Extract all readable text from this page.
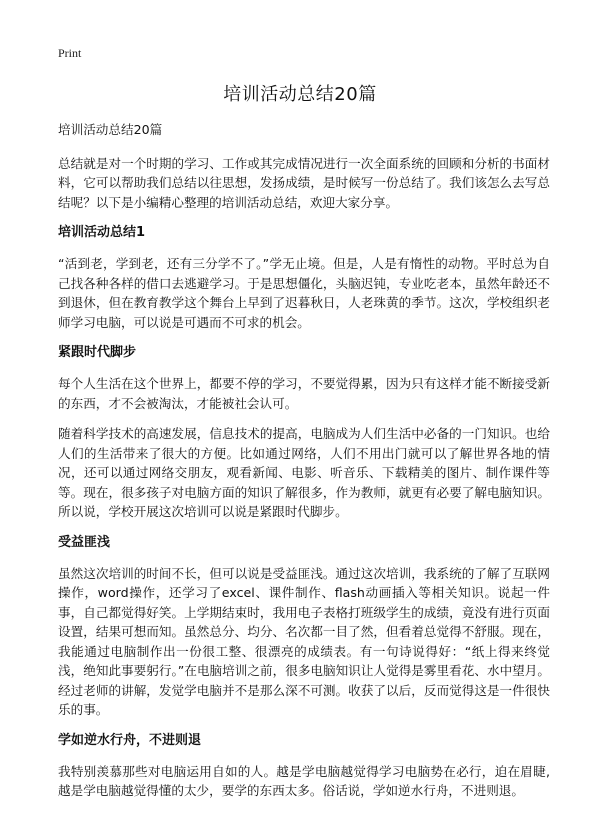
Print
培训活动总结20篇

培训活动总结20篇

总结就是对一个时期的学习、工作或其完成情况进行一次全面系统的回顾和分析的书面材料，它可以帮助我们总结以往思想，发扬成绩，是时候写一份总结了。我们该怎么去写总结呢？以下是小编精心整理的培训活动总结，欢迎大家分享。

培训活动总结1

“活到老，学到老，还有三分学不了。”学无止境。但是，人是有惰性的动物。平时总为自己找各种各样的借口去逃避学习。于是思想僵化，头脑迟钝，专业吃老本，虽然年龄还不到退休，但在教育教学这个舞台上早到了迟暮秋日，人老珠黄的季节。这次，学校组织老师学习电脑，可以说是可遇而不可求的机会。

紧跟时代脚步

每个人生活在这个世界上，都要不停的学习，不要觉得累，因为只有这样才能不断接受新的东西，才不会被淘汰，才能被社会认可。

随着科学技术的高速发展，信息技术的提高，电脑成为人们生活中必备的一门知识。也给人们的生活带来了很大的方便。比如通过网络，人们不用出门就可以了解世界各地的情况，还可以通过网络交朋友，观看新闻、电影、听音乐、下载精美的图片、制作课件等等。现在，很多孩子对电脑方面的知识了解很多，作为教师，就更有必要了解电脑知识。所以说，学校开展这次培训可以说是紧跟时代脚步。

受益匪浅

虽然这次培训的时间不长，但可以说是受益匪浅。通过这次培训，我系统的了解了互联网操作，word操作，还学习了excel、课件制作、flash动画插入等相关知识。说起一件事，自己都觉得好笑。上学期结束时，我用电子表格打班级学生的成绩，竟没有进行页面设置，结果可想而知。虽然总分、均分、名次都一目了然，但看着总觉得不舒服。现在，我能通过电脑制作出一份很工整、很漂亮的成绩表。有一句诗说得好：“纸上得来终觉浅，绝知此事要躬行。”在电脑培训之前，很多电脑知识让人觉得是雾里看花、水中望月。经过老师的讲解，发觉学电脑并不是那么深不可测。收获了以后，反而觉得这是一件很快乐的事。

学如逆水行舟，不进则退

我特别羡慕那些对电脑运用自如的人。越是学电脑越觉得学习电脑势在必行，迫在眉睫,越是学电脑越觉得懂的太少，要学的东西太多。俗话说，学如逆水行舟，不进则退。
